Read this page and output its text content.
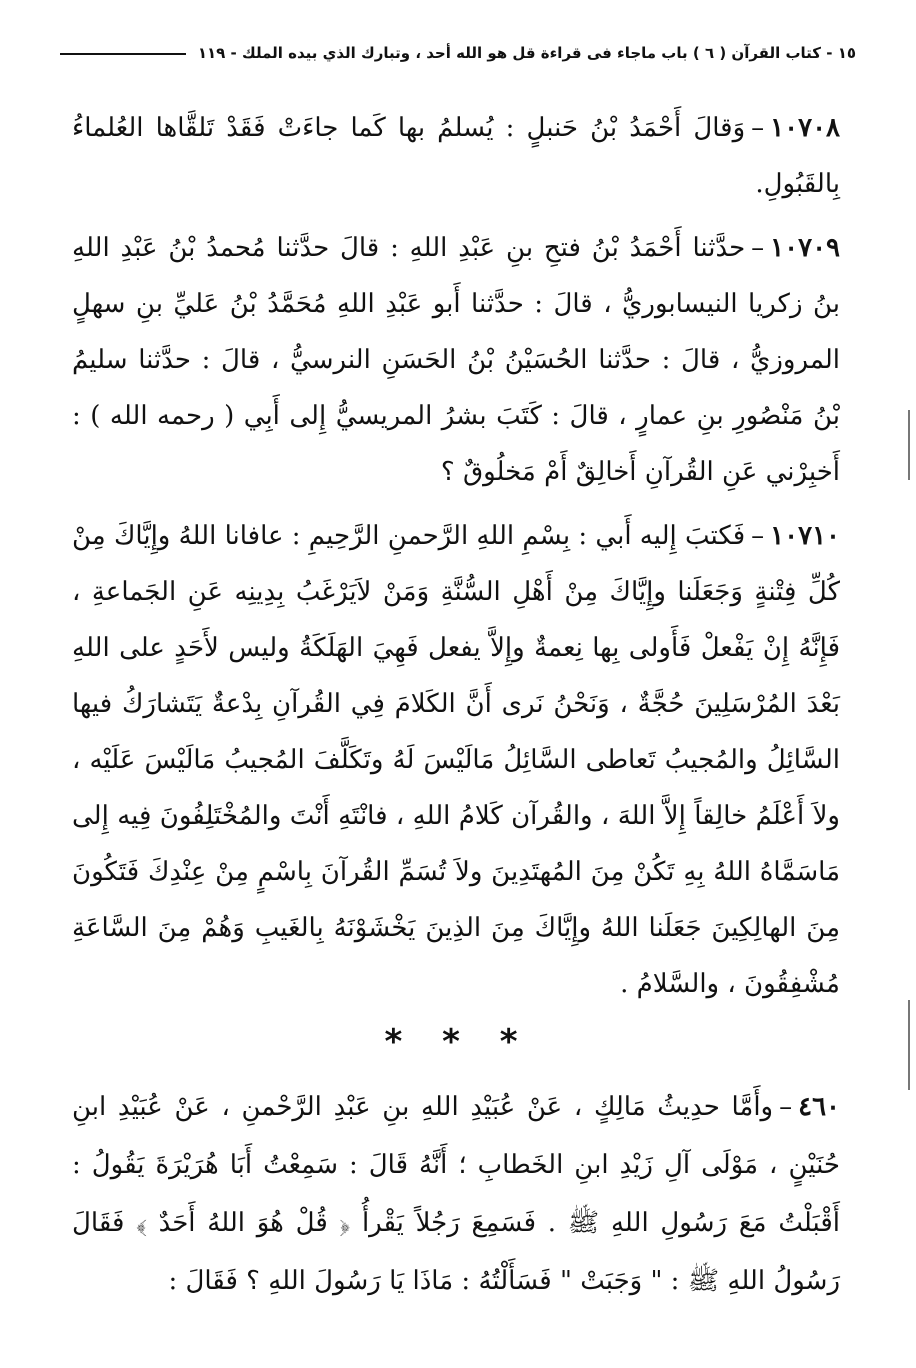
١٥ - كتاب القرآن ( ٦ ) باب ماجاء فى قراءة قل هو الله أحد ، وتبارك الذي بيده الملك - ١١٩

١٠٧٠٨–وَقالَ أَحْمَدُ بْنُ حَنبلٍ : يُسلمُ بها كَما جاءَتْ فَقَدْ تَلقَّاها العُلماءُ بِالقَبُولِ.

١٠٧٠٩–حدَّثنا أَحْمَدُ بْنُ فتحِ بنِ عَبْدِ اللهِ : قالَ حدَّثنا مُحمدُ بْنُ عَبْدِ اللهِ بنُ زكريا النيسابوريُّ ، قالَ : حدَّثنا أَبو عَبْدِ اللهِ مُحَمَّدُ بْنُ عَليِّ بنِ سهلٍ المروزيُّ ، قالَ : حدَّثنا الحُسَيْنُ بْنُ الحَسَنِ النرسيُّ ، قالَ : حدَّثنا سليمُ بْنُ مَنْصُورِ بنِ عمارٍ ، قالَ : كَتَبَ بشرُ المريسيُّ إِلى أَبِي ( رحمه الله ) : أَخبِرْني عَنِ القُرآنِ أَخالِقٌ أَمْ مَخلُوقٌ ؟

١٠٧١٠–فَكتبَ إِليه أَبي : بِسْمِ اللهِ الرَّحمنِ الرَّحِيمِ : عافانا اللهُ وإِيَّاكَ مِنْ كُلِّ فِتْنةٍ وَجَعَلَنا وإِيَّاكَ مِنْ أَهْلِ السُّنَّةِ وَمَنْ لاَيَرْغَبُ بِدِينِه عَنِ الجَماعةِ ، فَإِنَّهُ إِنْ يَفْعلْ فَأَولى بِها نِعمةٌ وإِلاَّ يفعل فَهِيَ الهَلَكَةُ وليس لأَحَدٍ على اللهِ بَعْدَ المُرْسَلِينَ حُجَّةٌ ، وَنَحْنُ نَرى أَنَّ الكَلامَ فِي القُرآنِ بِدْعةٌ يَتَشارَكُ فيها السَّائِلُ والمُجيبُ تَعاطى السَّائِلُ مَالَيْسَ لَهُ وتَكَلَّفَ المُجيبُ مَالَيْسَ عَلَيْه ، ولاَ أَعْلَمُ خالِقاً إِلاَّ اللهَ ، والقُرآن كَلامُ اللهِ ، فانْتَهِ أَنْتَ والمُخْتَلِفُونَ فِيه إِلى مَاسَمَّاهُ اللهُ بِهِ تَكُنْ مِنَ المُهتَدِينَ ولاَ تُسَمِّ القُرآنَ بِاسْمٍ مِنْ عِنْدِكَ فَتَكُونَ مِنَ الهالِكِينَ جَعَلَنا اللهُ وإِيَّاكَ مِنَ الذِينَ يَخْشَوْنَهُ بِالغَيبِ وَهُمْ مِنَ السَّاعَةِ مُشْفِقُونَ ، والسَّلامُ .

* * *

٤٦٠–وأَمَّا حدِيثُ مَالِكٍ ، عَنْ عُبَيْدِ اللهِ بنِ عَبْدِ الرَّحْمنِ ، عَنْ عُبَيْدِ ابنِ حُنَيْنٍ ، مَوْلَى آلِ زَيْدِ ابنِ الخَطابِ ؛ أَنَّهُ قَالَ : سَمِعْتُ أَبَا هُرَيْرَةَ يَقُولُ : أَقْبَلْتُ مَعَ رَسُولِ اللهِ ﷺ . فَسَمِعَ رَجُلاً يَقْرأُ ﴿ قُلْ هُوَ اللهُ أَحَدٌ ﴾ فَقَالَ رَسُولُ اللهِ ﷺ : " وَجَبَتْ " فَسَأَلْتُهُ : مَاذَا يَا رَسُولَ اللهِ ؟ فَقَالَ :
